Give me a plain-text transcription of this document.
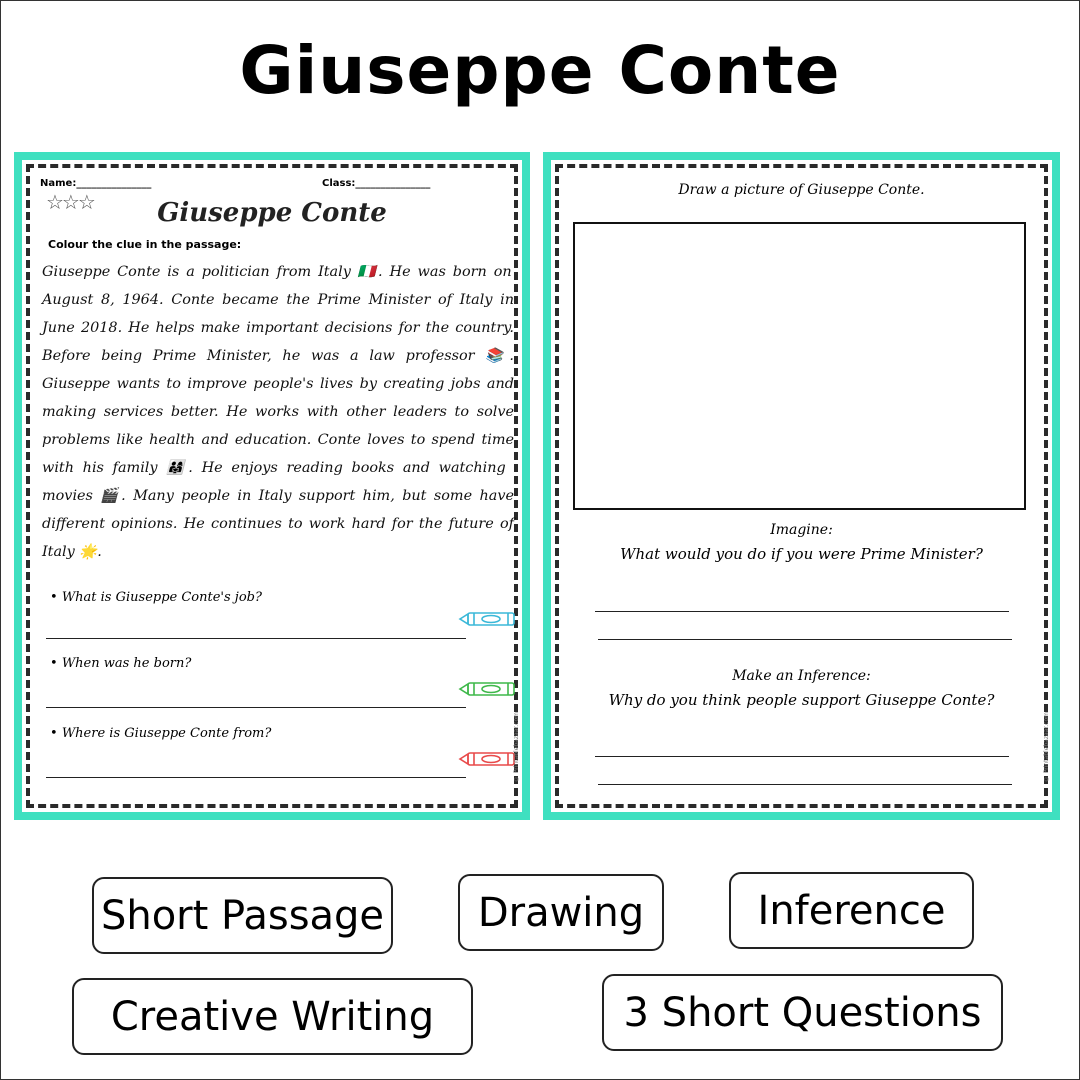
Giuseppe Conte
Name:_______________	Class:_______________
☆☆☆	Giuseppe Conte
Colour the clue in the passage:
Giuseppe Conte is a politician from Italy 🇮🇹. He was born on August 8, 1964. Conte became the Prime Minister of Italy in June 2018. He helps make important decisions for the country. Before being Prime Minister, he was a law professor 📚. Giuseppe wants to improve people's lives by creating jobs and making services better. He works with other leaders to solve problems like health and education. Conte loves to spend time with his family 👨‍👩‍👧. He enjoys reading books and watching movies 🎬. Many people in Italy support him, but some have different opinions. He continues to work hard for the future of Italy 🌟.
• What is Giuseppe Conte's job?
• When was he born?
• Where is Giuseppe Conte from?	© Printablebazaar.com
Draw a picture of Giuseppe Conte.
Imagine:
What would you do if you were Prime Minister?
Make an Inference:
Why do you think people support Giuseppe Conte?
© Printablebazaar.com
Short Passage	Drawing	Inference
Creative Writing	3 Short Questions
